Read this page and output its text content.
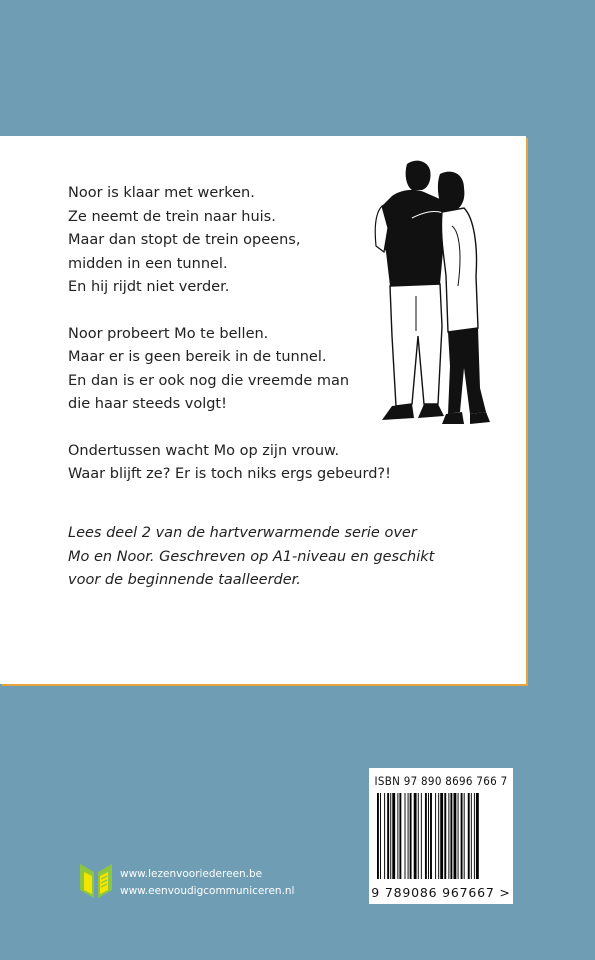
Noor is klaar met werken.
Ze neemt de trein naar huis.
Maar dan stopt de trein opeens,
midden in een tunnel.
En hij rijdt niet verder.

Noor probeert Mo te bellen.
Maar er is geen bereik in de tunnel.
En dan is er ook nog die vreemde man
die haar steeds volgt!

Ondertussen wacht Mo op zijn vrouw.
Waar blijft ze? Er is toch niks ergs gebeurd?!

Lees deel 2 van de hartverwarmende serie over
Mo en Noor. Geschreven op A1-niveau en geschikt
voor de beginnende taalleerder.
ISBN 97 890 8696 766 7
9 789086 967667 >
www.lezenvooriedereen.be
www.eenvoudigcommuniceren.nl
